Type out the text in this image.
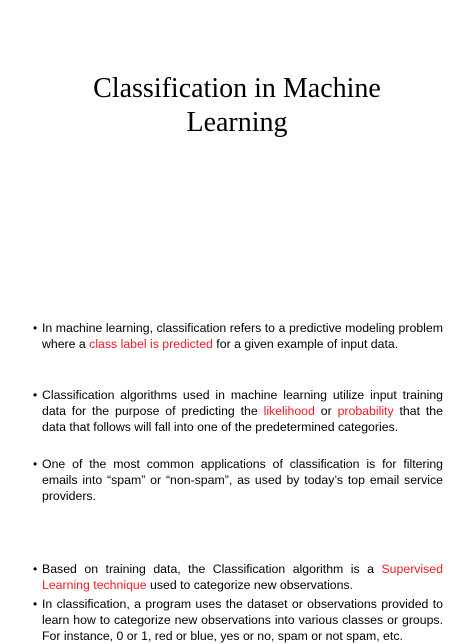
Classification in Machine
Learning
• In machine learning, classification refers to a predictive modeling problem where a class label is predicted for a given example of input data.
• Classification algorithms used in machine learning utilize input training data for the purpose of predicting the likelihood or probability that the data that follows will fall into one of the predetermined categories.
• One of the most common applications of classification is for filtering emails into “spam” or “non-spam”, as used by today’s top email service providers.
• Based on training data, the Classification algorithm is a Supervised Learning technique used to categorize new observations.
• In classification, a program uses the dataset or observations provided to learn how to categorize new observations into various classes or groups. For instance, 0 or 1, red or blue, yes or no, spam or not spam, etc.
